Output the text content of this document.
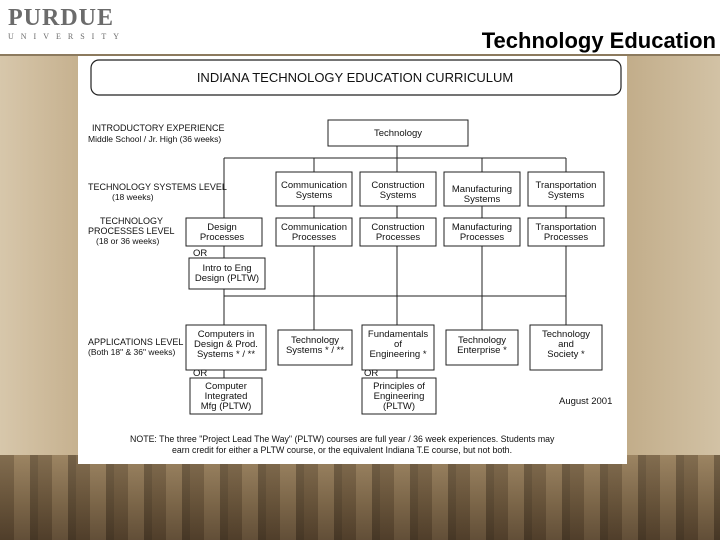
PURDUE
UNIVERSITY	Technology Education
INDIANA TECHNOLOGY EDUCATION CURRICULUM
INTRODUCTORY EXPERIENCE
Middle School / Jr. High (36 weeks)
TECHNOLOGY SYSTEMS LEVEL
(18 weeks)
TECHNOLOGY
PROCESSES LEVEL
(18 or 36 weeks)
APPLICATIONS LEVEL
(Both 18" & 36" weeks)
Technology
Communication Systems
Construction Systems
Manufacturing Systems
Transportation Systems
Design Processes
Communication Processes
Construction Processes
Manufacturing Processes
Transportation Processes
Intro to Eng Design (PLTW)
Computers in Design & Prod. Systems * / **
Technology Systems * / **
Fundamentals of Engineering *
Technology Enterprise *
Technology and Society *
Computer Integrated Mfg (PLTW)
Principles of Engineering (PLTW)
OR
OR	OR
August 2001
NOTE: The three "Project Lead The Way" (PLTW) courses are full year / 36 week experiences. Students may
earn credit for either a PLTW course, or the equivalent Indiana T.E course, but not both.
